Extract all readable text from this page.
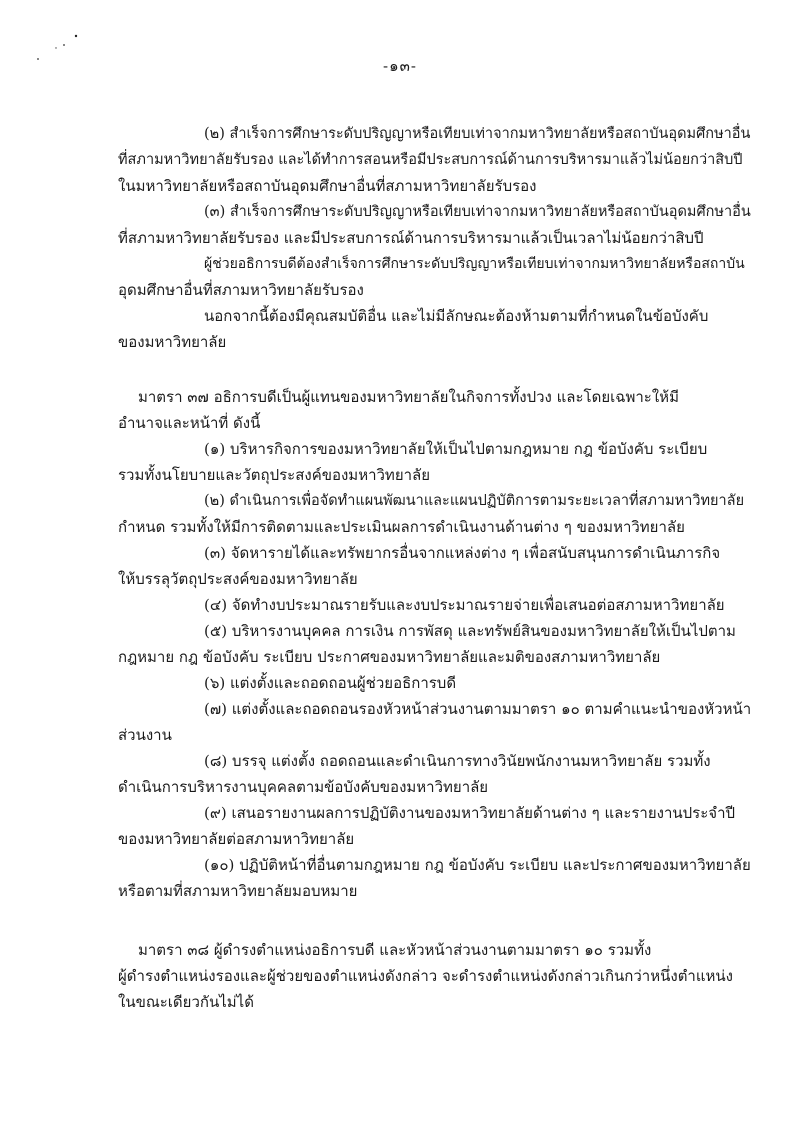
-๑๓-
(๒) สำเร็จการศึกษาระดับปริญญาหรือเทียบเท่าจากมหาวิทยาลัยหรือสถาบันอุดมศึกษาอื่น
ที่สภามหาวิทยาลัยรับรอง และได้ทำการสอนหรือมีประสบการณ์ด้านการบริหารมาแล้วไม่น้อยกว่าสิบปี
ในมหาวิทยาลัยหรือสถาบันอุดมศึกษาอื่นที่สภามหาวิทยาลัยรับรอง
(๓) สำเร็จการศึกษาระดับปริญญาหรือเทียบเท่าจากมหาวิทยาลัยหรือสถาบันอุดมศึกษาอื่น
ที่สภามหาวิทยาลัยรับรอง และมีประสบการณ์ด้านการบริหารมาแล้วเป็นเวลาไม่น้อยกว่าสิบปี
ผู้ช่วยอธิการบดีต้องสำเร็จการศึกษาระดับปริญญาหรือเทียบเท่าจากมหาวิทยาลัยหรือสถาบัน
อุดมศึกษาอื่นที่สภามหาวิทยาลัยรับรอง
นอกจากนี้ต้องมีคุณสมบัติอื่น และไม่มีลักษณะต้องห้ามตามที่กำหนดในข้อบังคับ
ของมหาวิทยาลัย
มาตรา ๓๗ อธิการบดีเป็นผู้แทนของมหาวิทยาลัยในกิจการทั้งปวง และโดยเฉพาะให้มี
อำนาจและหน้าที่ ดังนี้
(๑) บริหารกิจการของมหาวิทยาลัยให้เป็นไปตามกฎหมาย กฎ ข้อบังคับ ระเบียบ
รวมทั้งนโยบายและวัตถุประสงค์ของมหาวิทยาลัย
(๒) ดำเนินการเพื่อจัดทำแผนพัฒนาและแผนปฏิบัติการตามระยะเวลาที่สภามหาวิทยาลัย
กำหนด รวมทั้งให้มีการติดตามและประเมินผลการดำเนินงานด้านต่าง ๆ ของมหาวิทยาลัย
(๓) จัดหารายได้และทรัพยากรอื่นจากแหล่งต่าง ๆ เพื่อสนับสนุนการดำเนินภารกิจ
ให้บรรลุวัตถุประสงค์ของมหาวิทยาลัย
(๔) จัดทำงบประมาณรายรับและงบประมาณรายจ่ายเพื่อเสนอต่อสภามหาวิทยาลัย
(๕) บริหารงานบุคคล การเงิน การพัสดุ และทรัพย์สินของมหาวิทยาลัยให้เป็นไปตาม
กฎหมาย กฎ ข้อบังคับ ระเบียบ ประกาศของมหาวิทยาลัยและมติของสภามหาวิทยาลัย
(๖) แต่งตั้งและถอดถอนผู้ช่วยอธิการบดี
(๗) แต่งตั้งและถอดถอนรองหัวหน้าส่วนงานตามมาตรา ๑๐ ตามคำแนะนำของหัวหน้า
ส่วนงาน
(๘) บรรจุ แต่งตั้ง ถอดถอนและดำเนินการทางวินัยพนักงานมหาวิทยาลัย รวมทั้ง
ดำเนินการบริหารงานบุคคลตามข้อบังคับของมหาวิทยาลัย
(๙) เสนอรายงานผลการปฏิบัติงานของมหาวิทยาลัยด้านต่าง ๆ และรายงานประจำปี
ของมหาวิทยาลัยต่อสภามหาวิทยาลัย
(๑๐) ปฏิบัติหน้าที่อื่นตามกฎหมาย กฎ ข้อบังคับ ระเบียบ และประกาศของมหาวิทยาลัย
หรือตามที่สภามหาวิทยาลัยมอบหมาย
มาตรา ๓๘ ผู้ดำรงตำแหน่งอธิการบดี และหัวหน้าส่วนงานตามมาตรา ๑๐ รวมทั้ง
ผู้ดำรงตำแหน่งรองและผู้ช่วยของตำแหน่งดังกล่าว จะดำรงตำแหน่งดังกล่าวเกินกว่าหนึ่งตำแหน่ง
ในขณะเดียวกันไม่ได้
